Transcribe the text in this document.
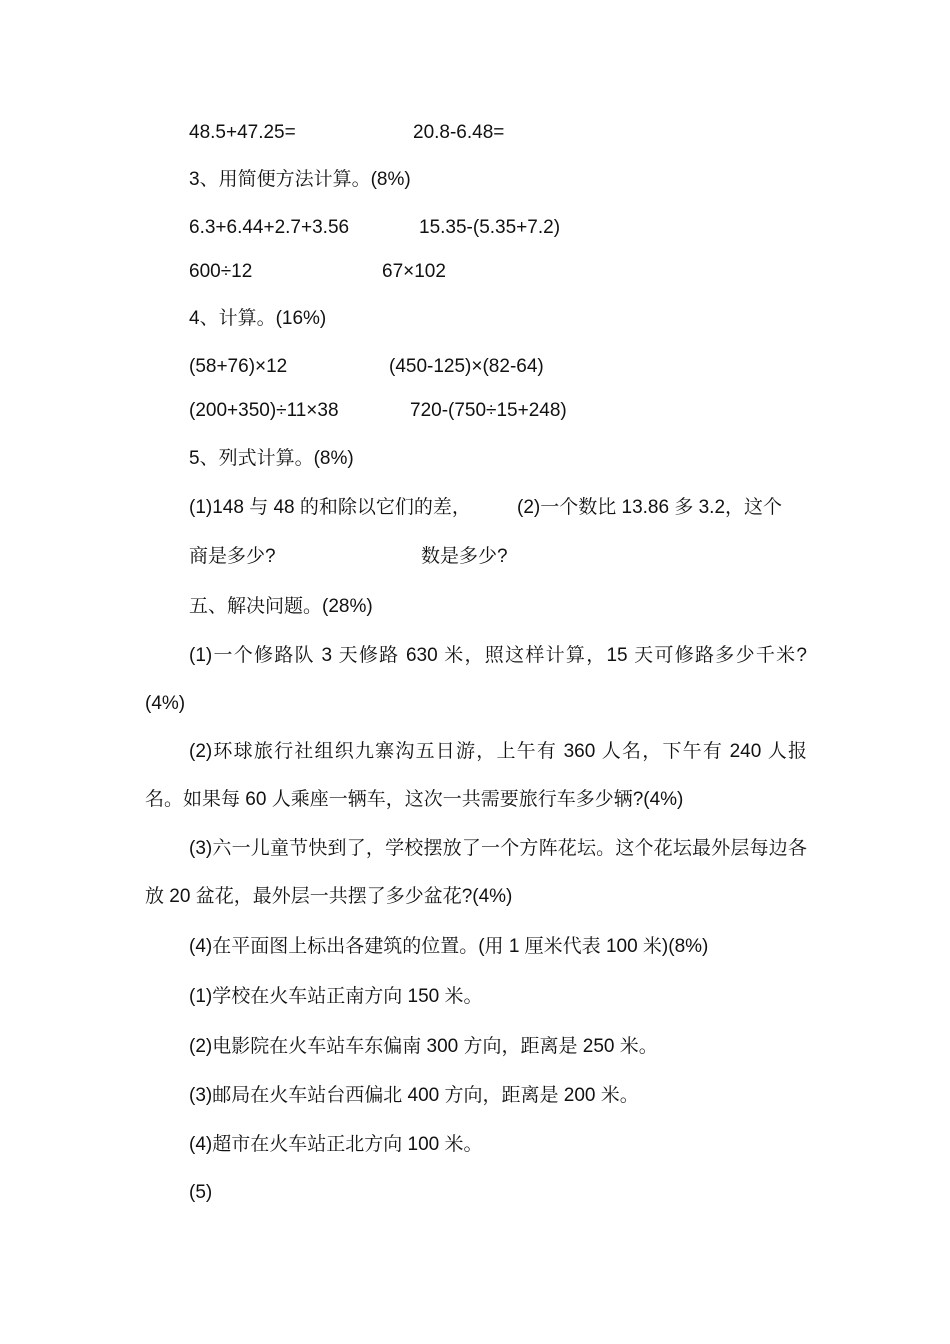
48.5+47.25=	20.8-6.48=
3、用简便方法计算。(8%)
6.3+6.44+2.7+3.56	15.35-(5.35+7.2)
600÷12	67×102
4、计算。(16%)
(58+76)×12	(450-125)×(82-64)
(200+350)÷11×38	720-(750÷15+248)
5、列式计算。(8%)
(1)148 与 48 的和除以它们的差， (2)一个数比 13.86 多 3.2，这个
商是多少?	数是多少?
五、解决问题。(28%)
(1)一个修路队 3 天修路 630 米，照这样计算，15 天可修路多少千米?(4%)
(2)环球旅行社组织九寨沟五日游，上午有 360 人名，下午有 240 人报名。如果每 60 人乘座一辆车，这次一共需要旅行车多少辆?(4%)
(3)六一儿童节快到了，学校摆放了一个方阵花坛。这个花坛最外层每边各放 20 盆花，最外层一共摆了多少盆花?(4%)
(4)在平面图上标出各建筑的位置。(用 1 厘米代表 100 米)(8%)
(1)学校在火车站正南方向 150 米。
(2)电影院在火车站车东偏南 300 方向，距离是 250 米。
(3)邮局在火车站台西偏北 400 方向，距离是 200 米。
(4)超市在火车站正北方向 100 米。
(5)
